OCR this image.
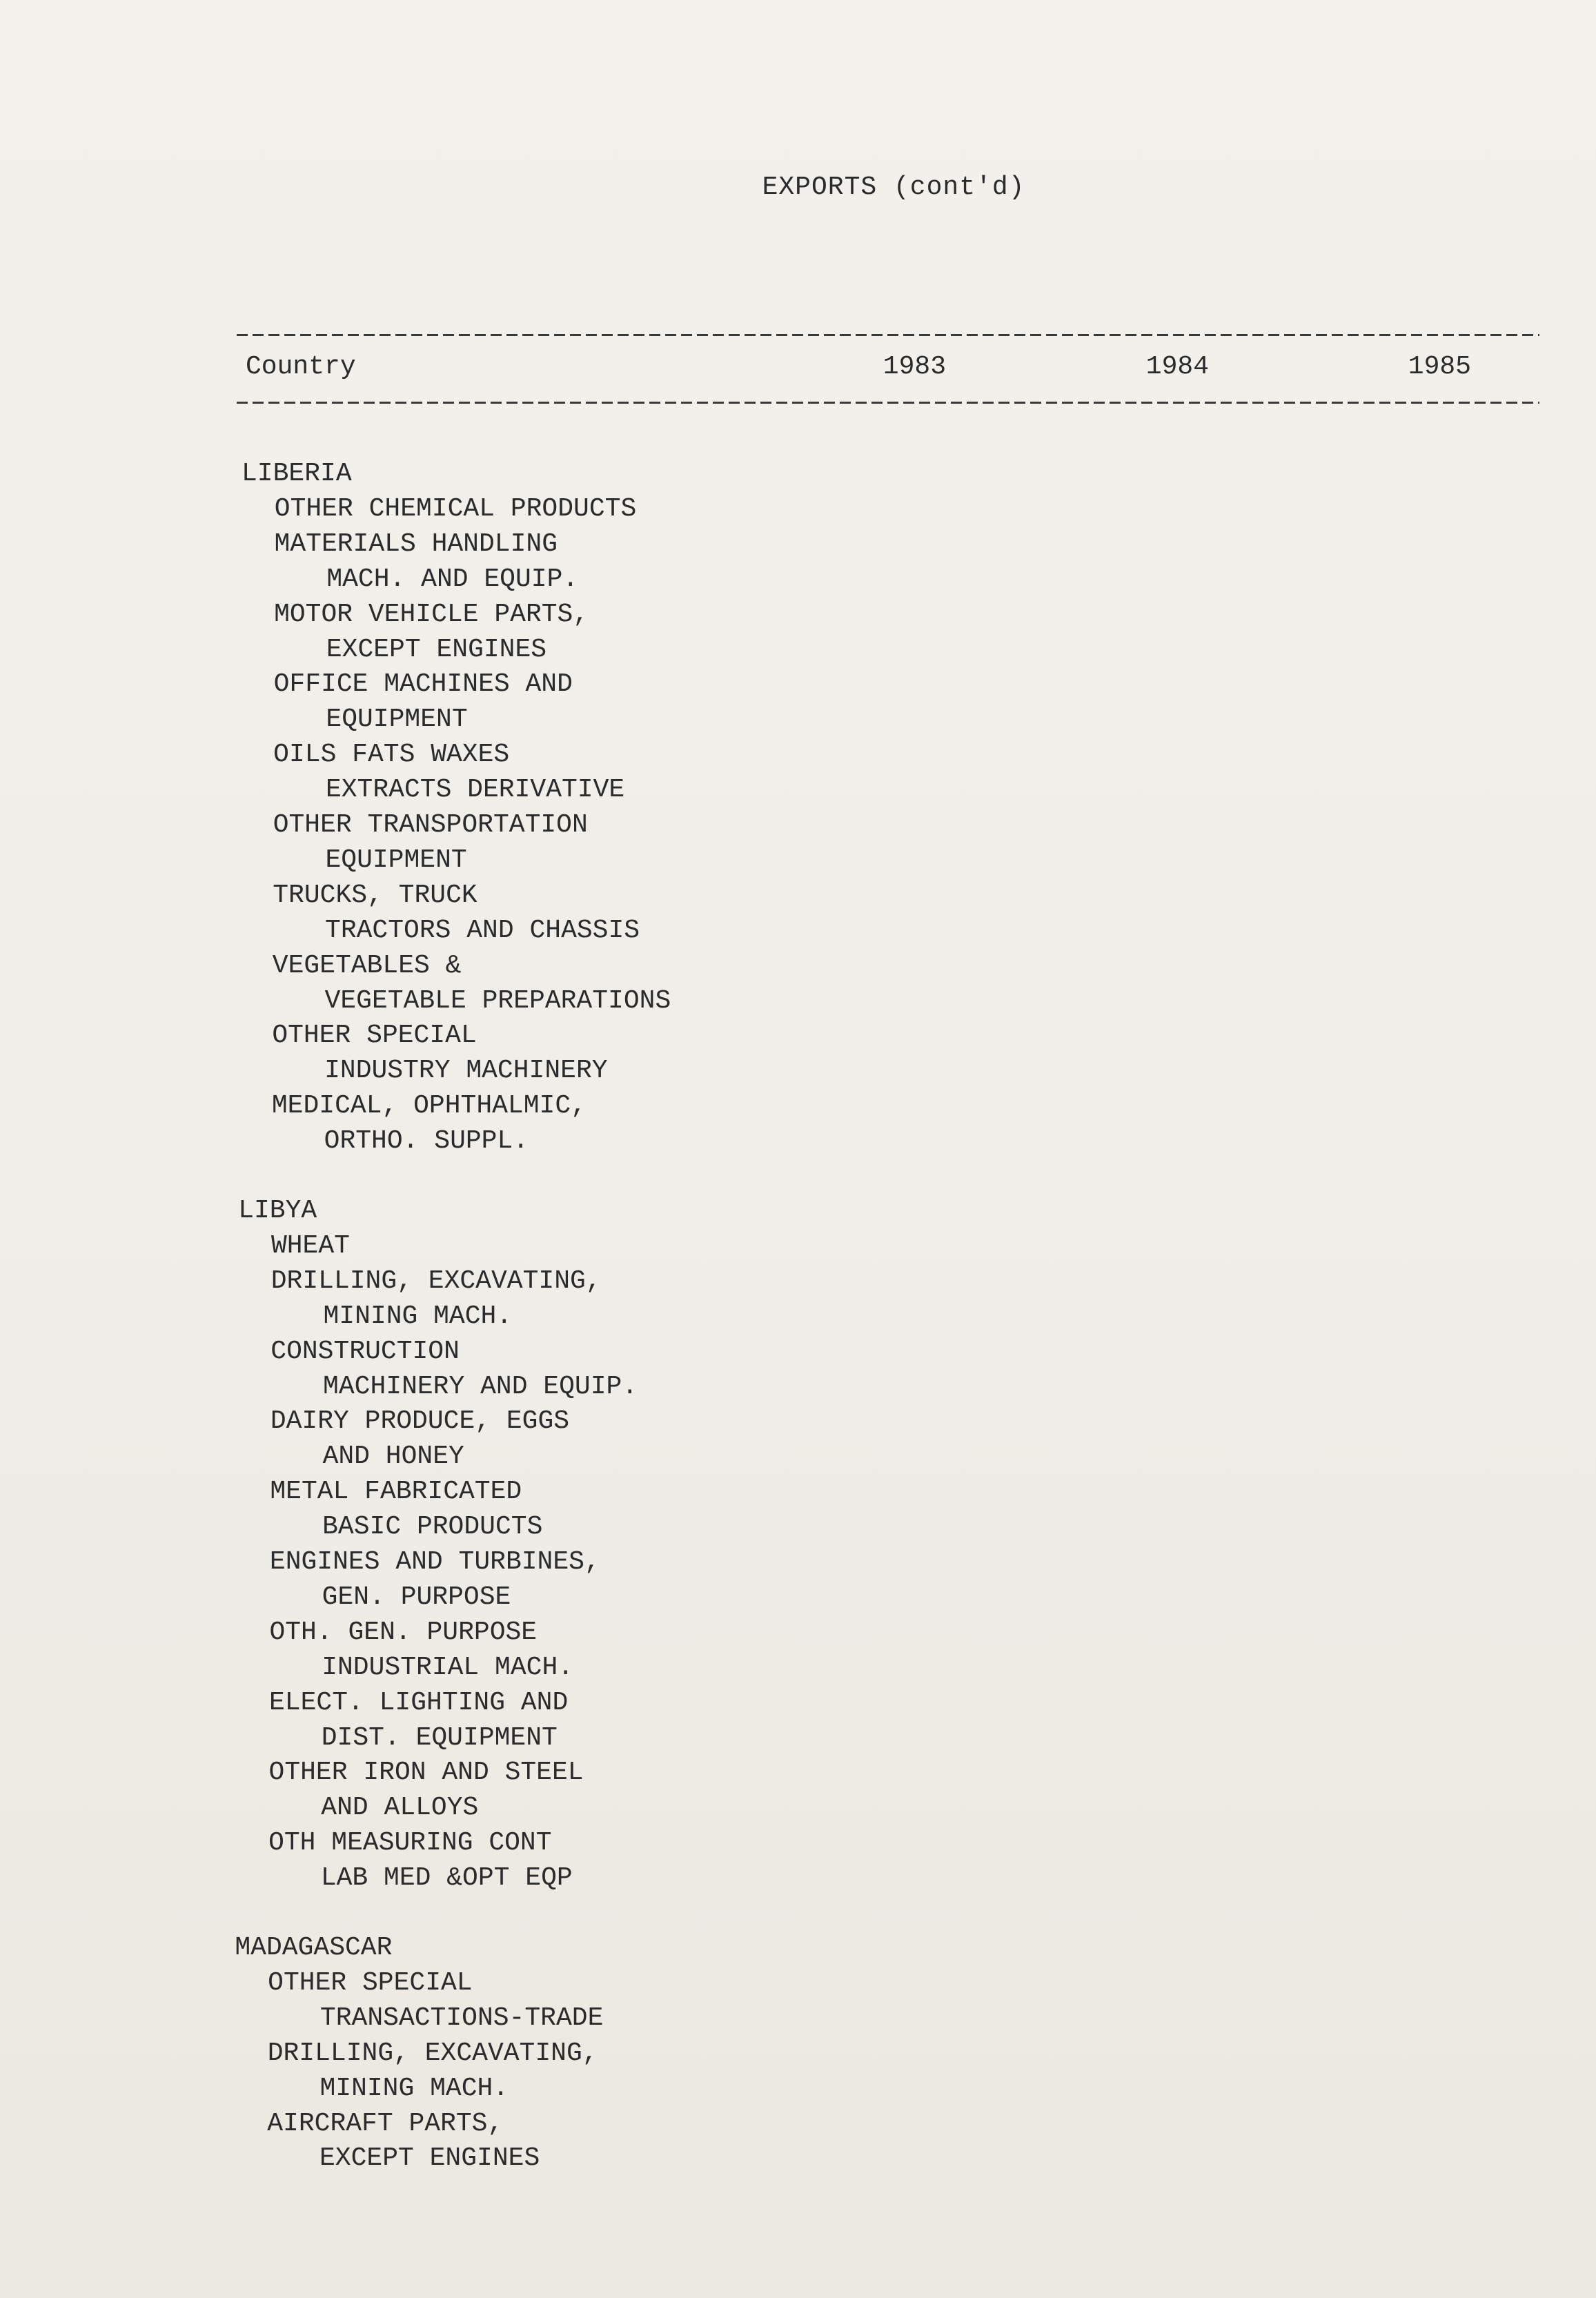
EXPORTS (cont'd)
Country	1983	1984	1985
LIBERIA
OTHER CHEMICAL PRODUCTS
MATERIALS HANDLING
MACH. AND EQUIP.
MOTOR VEHICLE PARTS,
EXCEPT ENGINES
OFFICE MACHINES AND
EQUIPMENT
OILS FATS WAXES
EXTRACTS DERIVATIVE
OTHER TRANSPORTATION
EQUIPMENT
TRUCKS, TRUCK
TRACTORS AND CHASSIS
VEGETABLES &
VEGETABLE PREPARATIONS
OTHER SPECIAL
INDUSTRY MACHINERY
MEDICAL, OPHTHALMIC,
ORTHO. SUPPL.
LIBYA
WHEAT
DRILLING, EXCAVATING,
MINING MACH.
CONSTRUCTION
MACHINERY AND EQUIP.
DAIRY PRODUCE, EGGS
AND HONEY
METAL FABRICATED
BASIC PRODUCTS
ENGINES AND TURBINES,
GEN. PURPOSE
OTH. GEN. PURPOSE
INDUSTRIAL MACH.
ELECT. LIGHTING AND
DIST. EQUIPMENT
OTHER IRON AND STEEL
AND ALLOYS
OTH MEASURING CONT
LAB MED &OPT EQP
MADAGASCAR
OTHER SPECIAL
TRANSACTIONS-TRADE
DRILLING, EXCAVATING,
MINING MACH.
AIRCRAFT PARTS,
EXCEPT ENGINES
